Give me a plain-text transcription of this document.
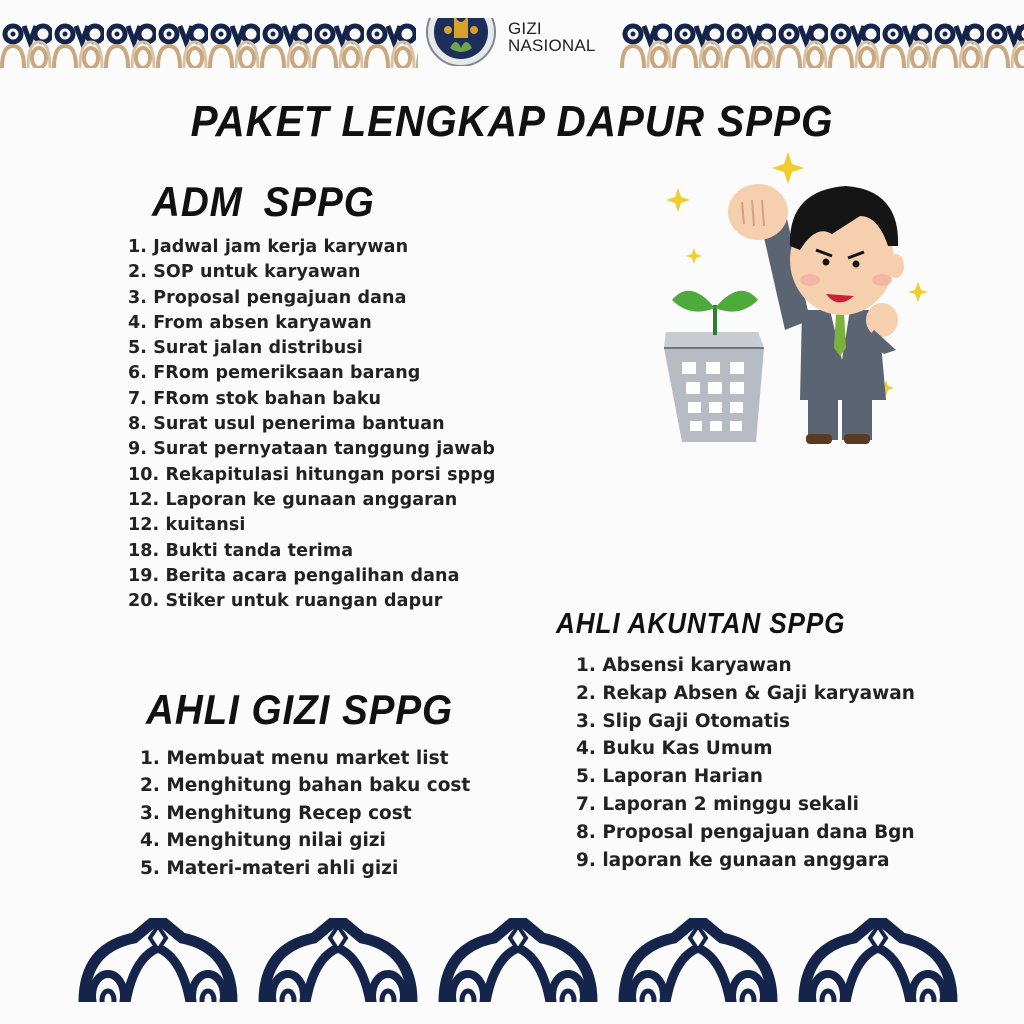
GIZI
NASIONAL
PAKET LENGKAP DAPUR SPPG
ADM SPPG
1. Jadwal jam kerja karywan
2. SOP untuk karyawan
3. Proposal pengajuan dana
4. From absen karyawan
5. Surat jalan distribusi
6. FRom pemeriksaan barang
7. FRom stok bahan baku
8. Surat usul penerima bantuan
9. Surat pernyataan tanggung jawab
10. Rekapitulasi hitungan porsi sppg
12. Laporan ke gunaan anggaran
12. kuitansi
18. Bukti tanda terima
19. Berita acara pengalihan dana
20. Stiker untuk ruangan dapur
AHLI AKUNTAN SPPG
1. Absensi karyawan
2. Rekap Absen & Gaji karyawan
3. Slip Gaji Otomatis
4. Buku Kas Umum
5. Laporan Harian
7. Laporan 2 minggu sekali
8. Proposal pengajuan dana Bgn
9. laporan ke gunaan anggara
AHLI GIZI SPPG
1. Membuat menu market list
2. Menghitung bahan baku cost
3. Menghitung Recep cost
4. Menghitung nilai gizi
5. Materi-materi ahli gizi
